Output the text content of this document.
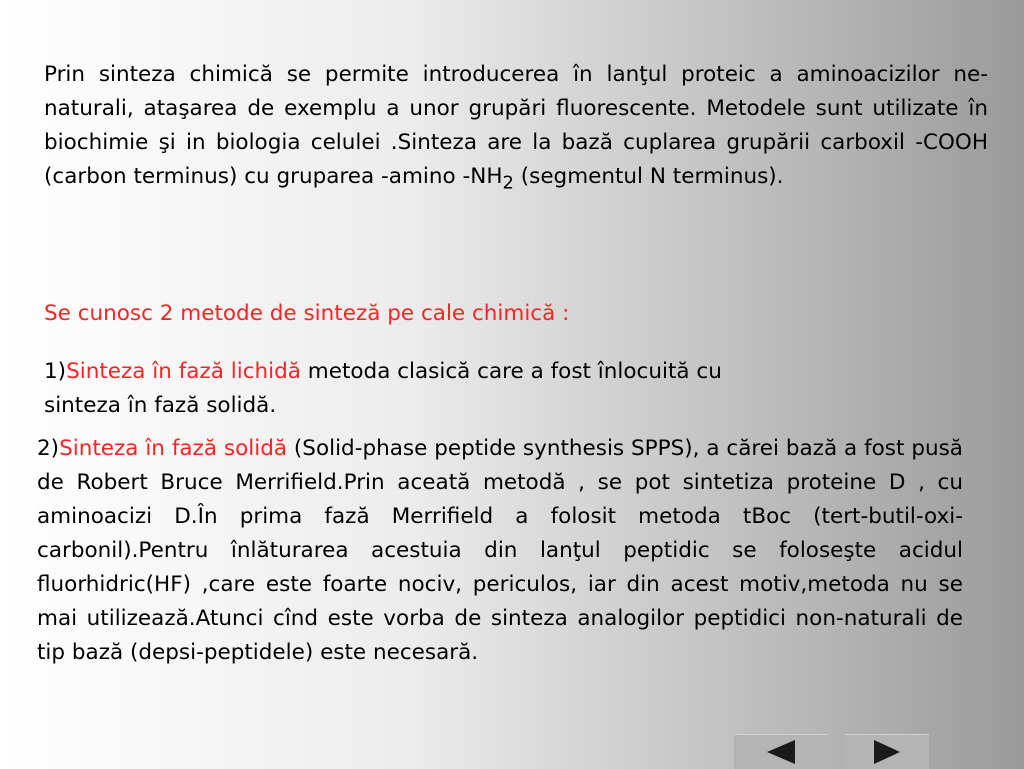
Prin sinteza chimică se permite introducerea în lanţul proteic a aminoacizilor ne-naturali, ataşarea de exemplu a unor grupări fluorescente. Metodele sunt utilizate în biochimie şi in biologia celulei .Sinteza are la bază cuplarea grupării carboxil -COOH (carbon terminus) cu gruparea -amino $-NH_2$ (segmentul N terminus).

Se cunosc 2 metode de sinteză pe cale chimică :

1)Sinteza în fază lichidă metoda clasică care a fost înlocuită cu sinteza în fază solidă.

2)Sinteza în fază solidă (Solid-phase peptide synthesis SPPS), a cărei bază a fost pusă de Robert Bruce Merrifield.Prin aceată metodă , se pot sintetiza proteine D , cu aminoacizi D.În prima fază Merrifield a folosit metoda tBoc (tert-butil-oxi-carbonil).Pentru înlăturarea acestuia din lanţul peptidic se foloseşte acidul fluorhidric(HF) ,care este foarte nociv, periculos, iar din acest motiv,metoda nu se mai utilizează.Atunci cînd este vorba de sinteza analogilor peptidici non-naturali de tip bază (depsi-peptidele) este necesară.
